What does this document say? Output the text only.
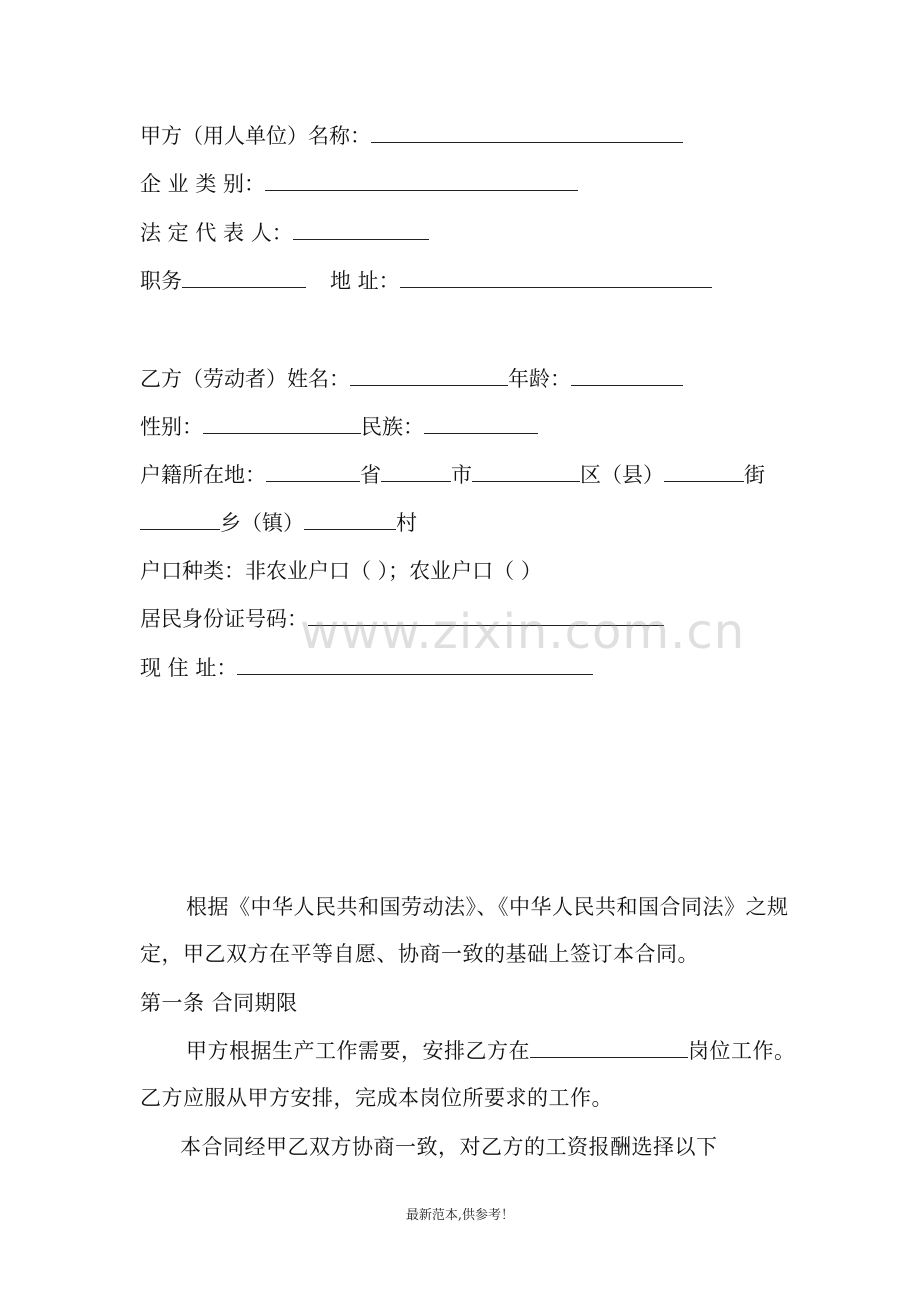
甲方（用人单位）名称：
企 业 类 别：
法 定 代 表 人：
职务	地 址：
乙方（劳动者）姓名：	年龄：
性别：	民族：
户籍所在地：	省	市	区（县）	街
乡（镇）	村
户口种类：非农业户口（ ）；农业户口（ ）
居民身份证号码：
现 住 址：
根据《中华人民共和国劳动法》、《中华人民共和国合同法》之规定，甲乙双方在平等自愿、协商一致的基础上签订本合同。
第一条 合同期限
甲方根据生产工作需要，安排乙方在	岗位工作。乙方应服从甲方安排，完成本岗位所要求的工作。
本合同经甲乙双方协商一致，对乙方的工资报酬选择以下
www.zixin.com.cn
最新范本,供参考！
